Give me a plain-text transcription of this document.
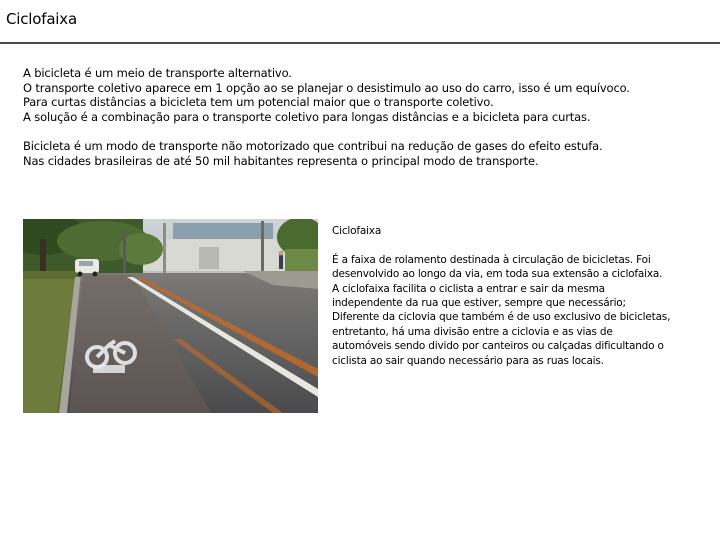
Ciclofaixa

A bicicleta é um meio de transporte alternativo.

O transporte coletivo aparece em 1 opção ao se planejar o desistimulo ao uso do carro, isso é um equívoco.

Para curtas distâncias a bicicleta tem um potencial maior que o transporte coletivo.

A solução é a combinação para o transporte coletivo para longas distâncias e a bicicleta para curtas.

Bicicleta é um modo de transporte não motorizado que contribui na redução de gases do efeito estufa.

Nas cidades brasileiras de até 50 mil habitantes representa o principal modo de transporte.

Ciclofaixa

É a faixa de rolamento destinada à circulação de bicicletas. Foi desenvolvido ao longo da via, em toda sua extensão a ciclofaixa.

A ciclofaixa facilita o ciclista a entrar e sair da mesma independente da rua que estiver, sempre que necessário; Diferente da ciclovia que também é de uso exclusivo de bicicletas, entretanto, há uma divisão entre a ciclovia e as vias de automóveis sendo divido por canteiros ou calçadas dificultando o ciclista ao sair quando necessário para as ruas locais.
